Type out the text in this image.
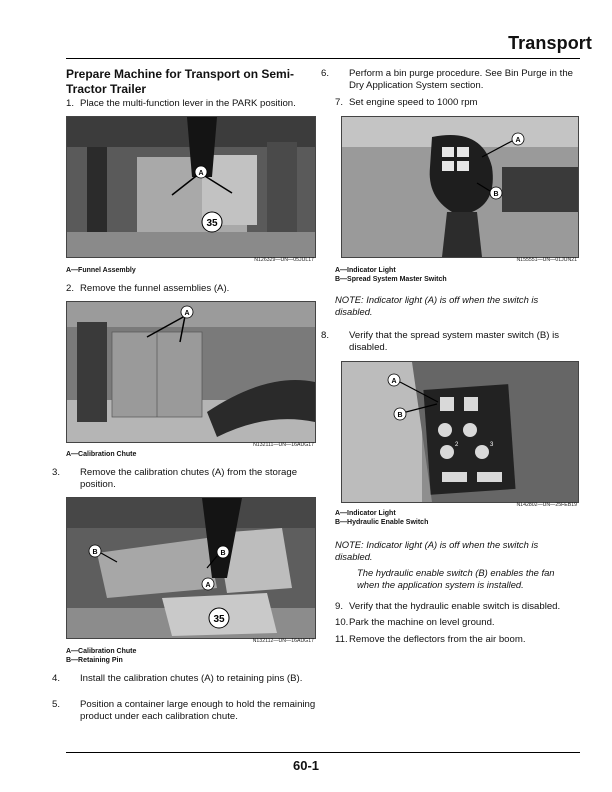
Transport
Prepare Machine for Transport on Semi-Tractor Trailer
1. Place the multi-function lever in the PARK position.
A
35
N126329—UN—05JUL17
A—Funnel Assembly
2. Remove the funnel assemblies (A).
A
N132111—UN—16AUG17
A—Calibration Chute
3. Remove the calibration chutes (A) from the storage position.
B	B
A
35
N132112—UN—16AUG17
A—Calibration Chute
B—Retaining Pin
4. Install the calibration chutes (A) to retaining pins (B).
5. Position a container large enough to hold the remaining product under each calibration chute.
6. Perform a bin purge procedure. See Bin Purge in the Dry Application System section.
7. Set engine speed to 1000 rpm
A
B
N155551—UN—01JUN21
A—Indicator Light
B—Spread System Master Switch
NOTE: Indicator light (A) is off when the switch is disabled.
8. Verify that the spread system master switch (B) is disabled.
2	3
A
B
N142802—UN—25FEB19
A—Indicator Light
B—Hydraulic Enable Switch
NOTE: Indicator light (A) is off when the switch is disabled.
The hydraulic enable switch (B) enables the fan when the application system is installed.
9. Verify that the hydraulic enable switch is disabled.
10.Park the machine on level ground.
11.Remove the deflectors from the air boom.
60-1
